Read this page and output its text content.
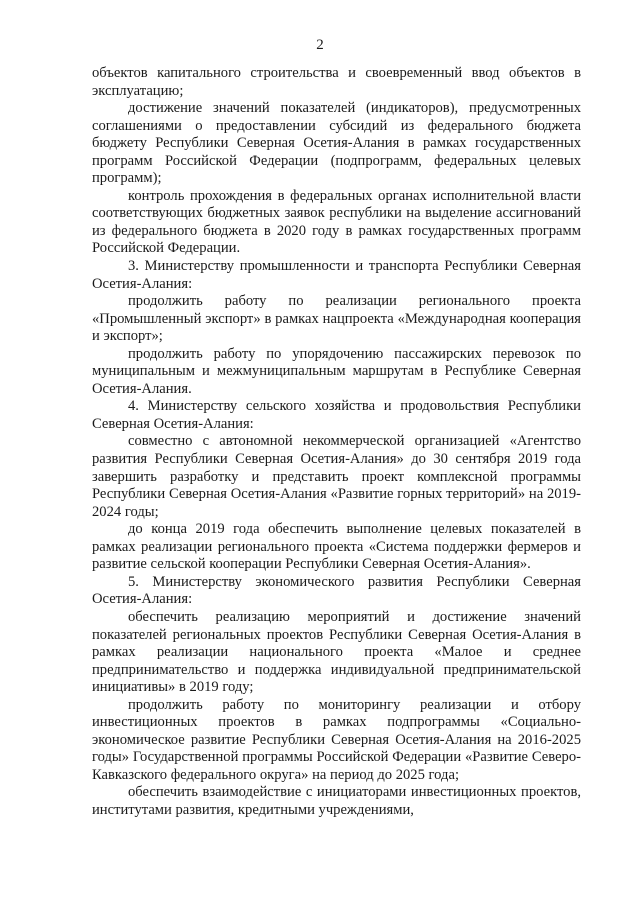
2

объектов капитального строительства и своевременный ввод объектов в эксплуатацию;

достижение значений показателей (индикаторов), предусмотренных соглашениями о предоставлении субсидий из федерального бюджета бюджету Республики Северная Осетия-Алания в рамках государственных программ Российской Федерации (подпрограмм, федеральных целевых программ);

контроль прохождения в федеральных органах исполнительной власти соответствующих бюджетных заявок республики на выделение ассигнований из федерального бюджета в 2020 году в рамках государственных программ Российской Федерации.

3. Министерству промышленности и транспорта Республики Северная Осетия-Алания:

продолжить работу по реализации регионального проекта «Промышленный экспорт» в рамках нацпроекта «Международная кооперация и экспорт»;

продолжить работу по упорядочению пассажирских перевозок по муниципальным и межмуниципальным маршрутам в Республике Северная Осетия-Алания.

4. Министерству сельского хозяйства и продовольствия Республики Северная Осетия-Алания:

совместно с автономной некоммерческой организацией «Агентство развития Республики Северная Осетия-Алания» до 30 сентября 2019 года завершить разработку и представить проект комплексной программы Республики Северная Осетия-Алания «Развитие горных территорий» на 2019-2024 годы;

до конца 2019 года обеспечить выполнение целевых показателей в рамках реализации регионального проекта «Система поддержки фермеров и развитие сельской кооперации Республики Северная Осетия-Алания».

5. Министерству экономического развития Республики Северная Осетия-Алания:

обеспечить реализацию мероприятий и достижение значений показателей региональных проектов Республики Северная Осетия-Алания в рамках реализации национального проекта «Малое и среднее предпринимательство и поддержка индивидуальной предпринимательской инициативы» в 2019 году;

продолжить работу по мониторингу реализации и отбору инвестиционных проектов в рамках подпрограммы «Социально-экономическое развитие Республики Северная Осетия-Алания на 2016-2025 годы» Государственной программы Российской Федерации «Развитие Северо-Кавказского федерального округа» на период до 2025 года;

обеспечить взаимодействие с инициаторами инвестиционных проектов, институтами развития, кредитными учреждениями,
